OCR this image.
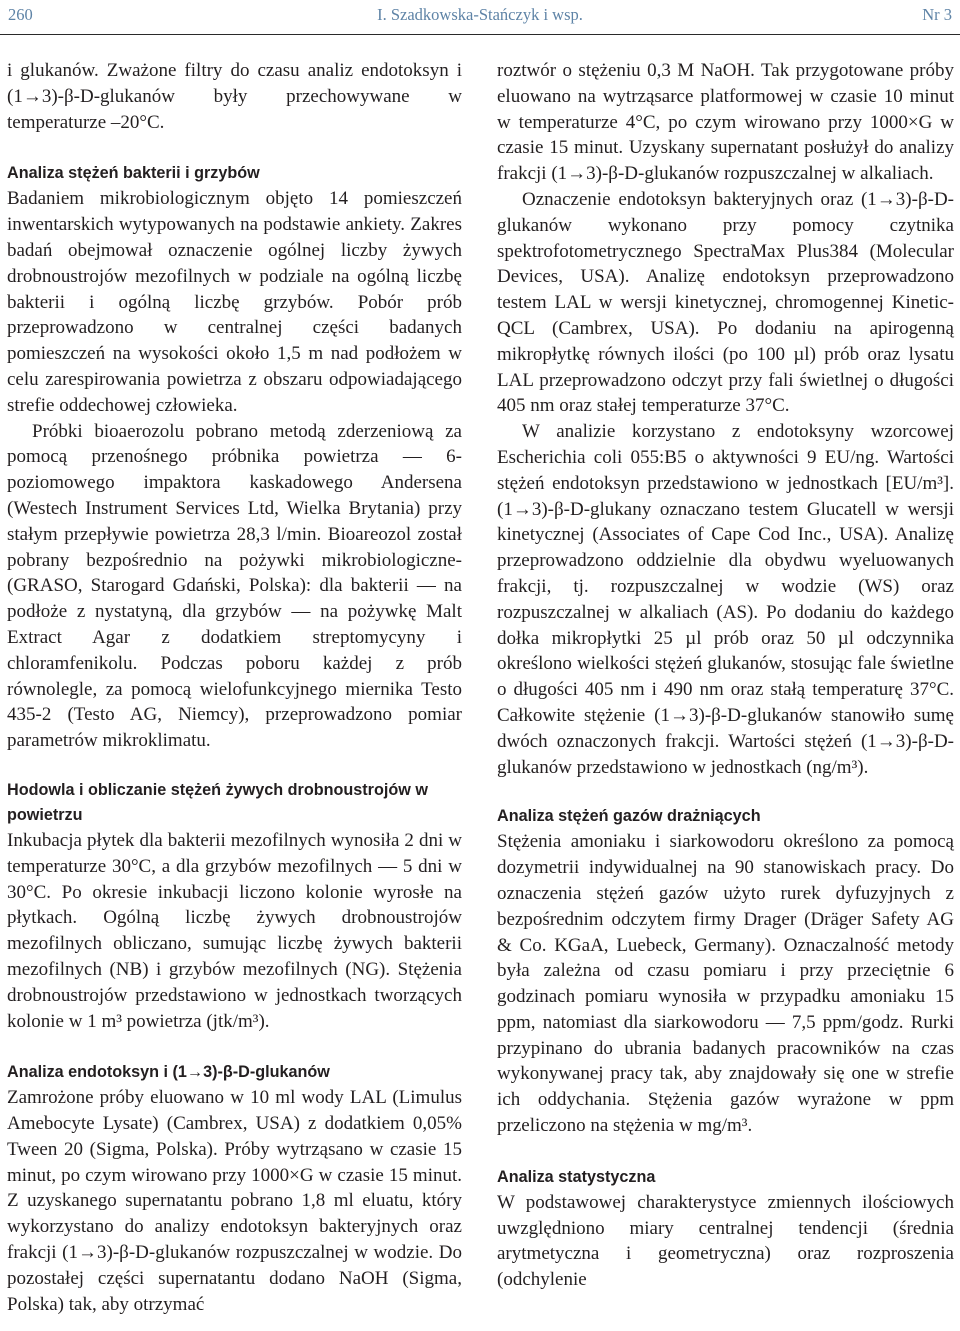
260	I. Szadkowska-Stańczyk i wsp.	Nr 3

i glukanów. Zważone filtry do czasu analiz endotoksyn i (1→3)-β-D-glukanów były przechowywane w temperaturze –20°C.

Analiza stężeń bakterii i grzybów

Badaniem mikrobiologicznym objęto 14 pomieszczeń inwentarskich wytypowanych na podstawie ankiety. Zakres badań obejmował oznaczenie ogólnej liczby żywych drobnoustrojów mezofilnych w podziale na ogólną liczbę bakterii i ogólną liczbę grzybów. Pobór prób przeprowadzono w centralnej części badanych pomieszczeń na wysokości około 1,5 m nad podłożem w celu zarespirowania powietrza z obszaru odpowiadającego strefie oddechowej człowieka.

Próbki bioaerozolu pobrano metodą zderzeniową za pomocą przenośnego próbnika powietrza — 6-poziomowego impaktora kaskadowego Andersena (Westech Instrument Services Ltd, Wielka Brytania) przy stałym przepływie powietrza 28,3 l/min. Bioareozol został pobrany bezpośrednio na pożywki mikrobiologiczne-(GRASO, Starogard Gdański, Polska): dla bakterii — na podłoże z nystatyną, dla grzybów — na pożywkę Malt Extract Agar z dodatkiem streptomycyny i chloramfenikolu. Podczas poboru każdej z prób równolegle, za pomocą wielofunkcyjnego miernika Testo 435-2 (Testo AG, Niemcy), przeprowadzono pomiar parametrów mikroklimatu.

Hodowla i obliczanie stężeń żywych drobnoustrojów w powietrzu

Inkubacja płytek dla bakterii mezofilnych wynosiła 2 dni w temperaturze 30°C, a dla grzybów mezofilnych — 5 dni w 30°C. Po okresie inkubacji liczono kolonie wyrosłe na płytkach. Ogólną liczbę żywych drobnoustrojów mezofilnych obliczano, sumując liczbę żywych bakterii mezofilnych (NB) i grzybów mezofilnych (NG). Stężenia drobnoustrojów przedstawiono w jednostkach tworzących kolonie w 1 m³ powietrza (jtk/m³).

Analiza endotoksyn i (1→3)-β-D-glukanów

Zamrożone próby eluowano w 10 ml wody LAL (Limulus Amebocyte Lysate) (Cambrex, USA) z dodatkiem 0,05% Tween 20 (Sigma, Polska). Próby wytrząsano w czasie 15 minut, po czym wirowano przy 1000×G w czasie 15 minut. Z uzyskanego supernatantu pobrano 1,8 ml eluatu, który wykorzystano do analizy endotoksyn bakteryjnych oraz frakcji (1→3)-β-D-glukanów rozpuszczalnej w wodzie. Do pozostałej części supernatantu dodano NaOH (Sigma, Polska) tak, aby otrzymać

roztwór o stężeniu 0,3 M NaOH. Tak przygotowane próby eluowano na wytrząsarce platformowej w czasie 10 minut w temperaturze 4°C, po czym wirowano przy 1000×G w czasie 15 minut. Uzyskany supernatant posłużył do analizy frakcji (1→3)-β-D-glukanów rozpuszczalnej w alkaliach.

Oznaczenie endotoksyn bakteryjnych oraz (1→3)-β-D-glukanów wykonano przy pomocy czytnika spektrofotometrycznego SpectraMax Plus384 (Molecular Devices, USA). Analizę endotoksyn przeprowadzono testem LAL w wersji kinetycznej, chromogennej Kinetic-QCL (Cambrex, USA). Po dodaniu na apirogenną mikropłytkę równych ilości (po 100 µl) prób oraz lysatu LAL przeprowadzono odczyt przy fali świetlnej o długości 405 nm oraz stałej temperaturze 37°C.

W analizie korzystano z endotoksyny wzorcowej Escherichia coli 055:B5 o aktywności 9 EU/ng. Wartości stężeń endotoksyn przedstawiono w jednostkach [EU/m³]. (1→3)-β-D-glukany oznaczano testem Glucatell w wersji kinetycznej (Associates of Cape Cod Inc., USA). Analizę przeprowadzono oddzielnie dla obydwu wyeluowanych frakcji, tj. rozpuszczalnej w wodzie (WS) oraz rozpuszczalnej w alkaliach (AS). Po dodaniu do każdego dołka mikropłytki 25 µl prób oraz 50 µl odczynnika określono wielkości stężeń glukanów, stosując fale świetlne o długości 405 nm i 490 nm oraz stałą temperaturę 37°C. Całkowite stężenie (1→3)-β-D-glukanów stanowiło sumę dwóch oznaczonych frakcji. Wartości stężeń (1→3)-β-D-glukanów przedstawiono w jednostkach (ng/m³).

Analiza stężeń gazów drażniących

Stężenia amoniaku i siarkowodoru określono za pomocą dozymetrii indywidualnej na 90 stanowiskach pracy. Do oznaczenia stężeń gazów użyto rurek dyfuzyjnych z bezpośrednim odczytem firmy Drager (Dräger Safety AG & Co. KGaA, Luebeck, Germany). Oznaczalność metody była zależna od czasu pomiaru i przy przeciętnie 6 godzinach pomiaru wynosiła w przypadku amoniaku 15 ppm, natomiast dla siarkowodoru — 7,5 ppm/godz. Rurki przypinano do ubrania badanych pracowników na czas wykonywanej pracy tak, aby znajdowały się one w strefie ich oddychania. Stężenia gazów wyrażone w ppm przeliczono na stężenia w mg/m³.

Analiza statystyczna

W podstawowej charakterystyce zmiennych ilościowych uwzględniono miary centralnej tendencji (średnia arytmetyczna i geometryczna) oraz rozproszenia (odchylenie
